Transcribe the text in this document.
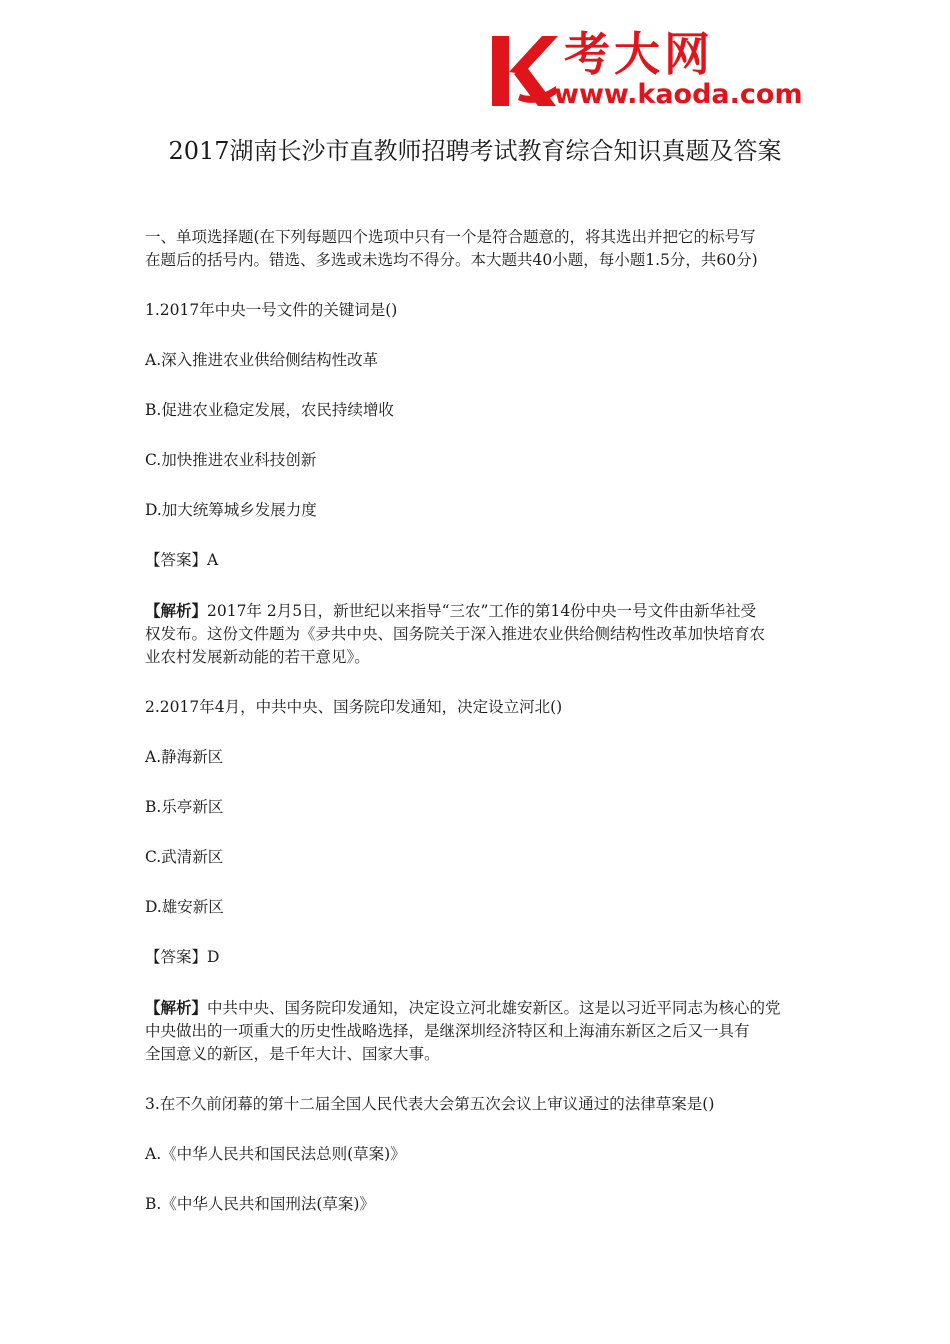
考大网
www.kaoda.com
2017湖南长沙市直教师招聘考试教育综合知识真题及答案

一、单项选择题(在下列每题四个选项中只有一个是符合题意的，将其选出并把它的标号写

在题后的括号内。错选、多选或未选均不得分。本大题共40小题，每小题1.5分，共60分)

1.2017年中央一号文件的关键词是()

A.深入推进农业供给侧结构性改革

B.促进农业稳定发展，农民持续增收

C.加快推进农业科技创新

D.加大统筹城乡发展力度

【答案】A

【解析】2017年 2月5日，新世纪以来指导“三农”工作的第14份中央一号文件由新华社受

权发布。这份文件题为《夛共中央、国务院关于深入推进农业供给侧结构性改革加快培育农

业农村发展新动能的若干意见》。

2.2017年4月，中共中央、国务院印发通知，决定设立河北()

A.静海新区

B.乐亭新区

C.武清新区

D.雄安新区

【答案】D

【解析】中共中央、国务院印发通知，决定设立河北雄安新区。这是以习近平同志为核心的党

中央做出的一项重大的历史性战略选择，是继深圳经济特区和上海浦东新区之后又一具有

全国意义的新区，是千年大计、国家大事。

3.在不久前闭幕的第十二届全国人民代表大会第五次会议上审议通过的法律草案是()

A.《中华人民共和国民法总则(草案)》

B.《中华人民共和国刑法(草案)》
